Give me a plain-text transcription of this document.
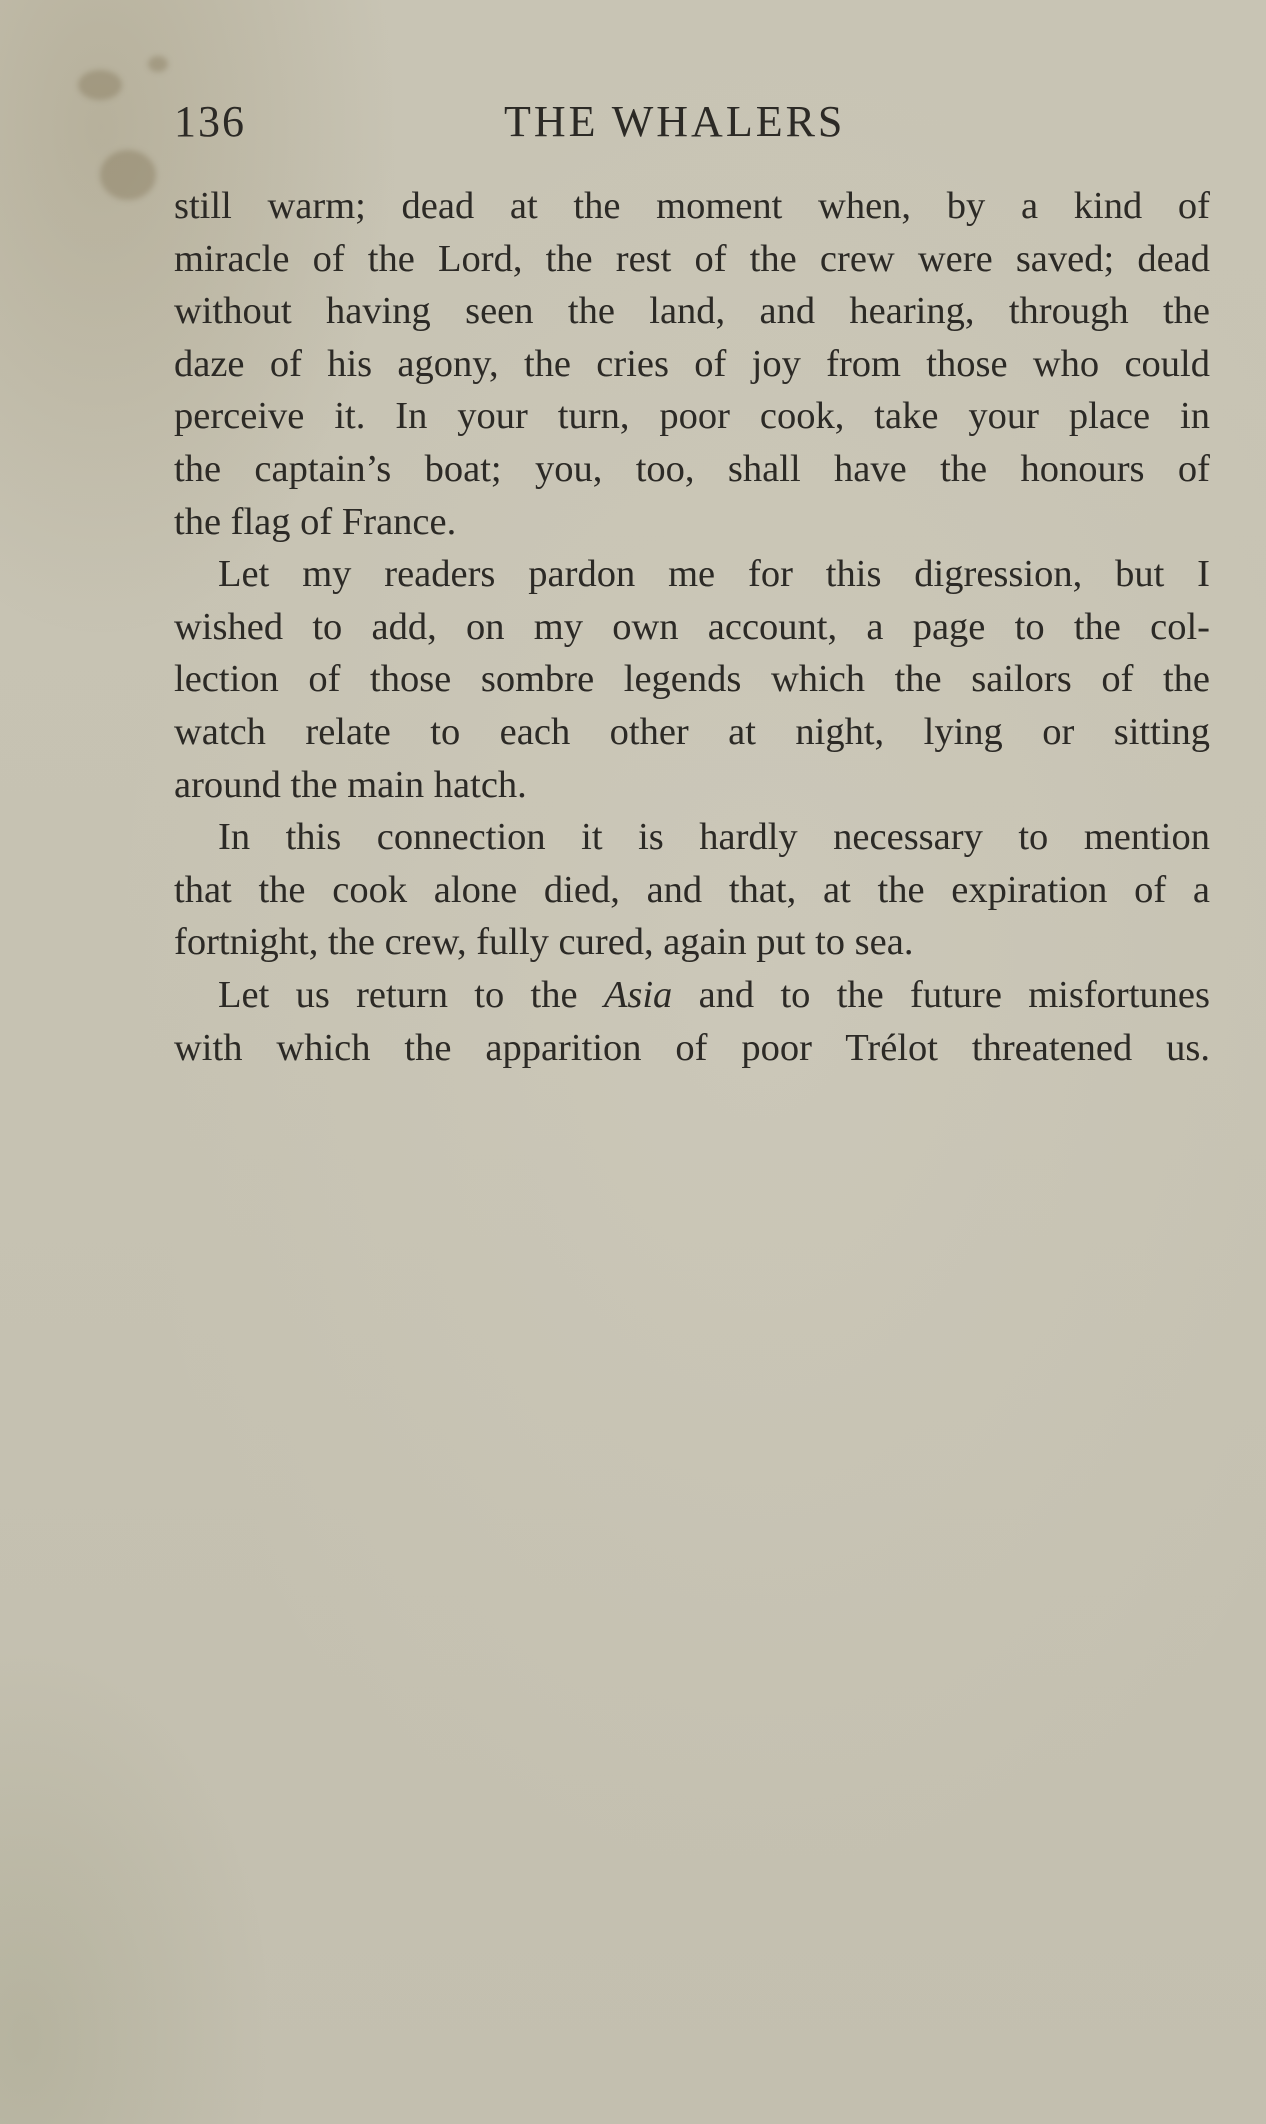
136	THE WHALERS
still warm; dead at the moment when, by a kind of
miracle of the Lord, the rest of the crew were saved; dead
without having seen the land, and hearing, through the
daze of his agony, the cries of joy from those who could
perceive it. In your turn, poor cook, take your place in
the captain’s boat; you, too, shall have the honours of
the flag of France.
Let my readers pardon me for this digression, but I
wished to add, on my own account, a page to the col-
lection of those sombre legends which the sailors of the
watch relate to each other at night, lying or sitting
around the main hatch.
In this connection it is hardly necessary to mention
that the cook alone died, and that, at the expiration of a
fortnight, the crew, fully cured, again put to sea.
Let us return to the Asia and to the future misfortunes
with which the apparition of poor Trélot threatened us.
